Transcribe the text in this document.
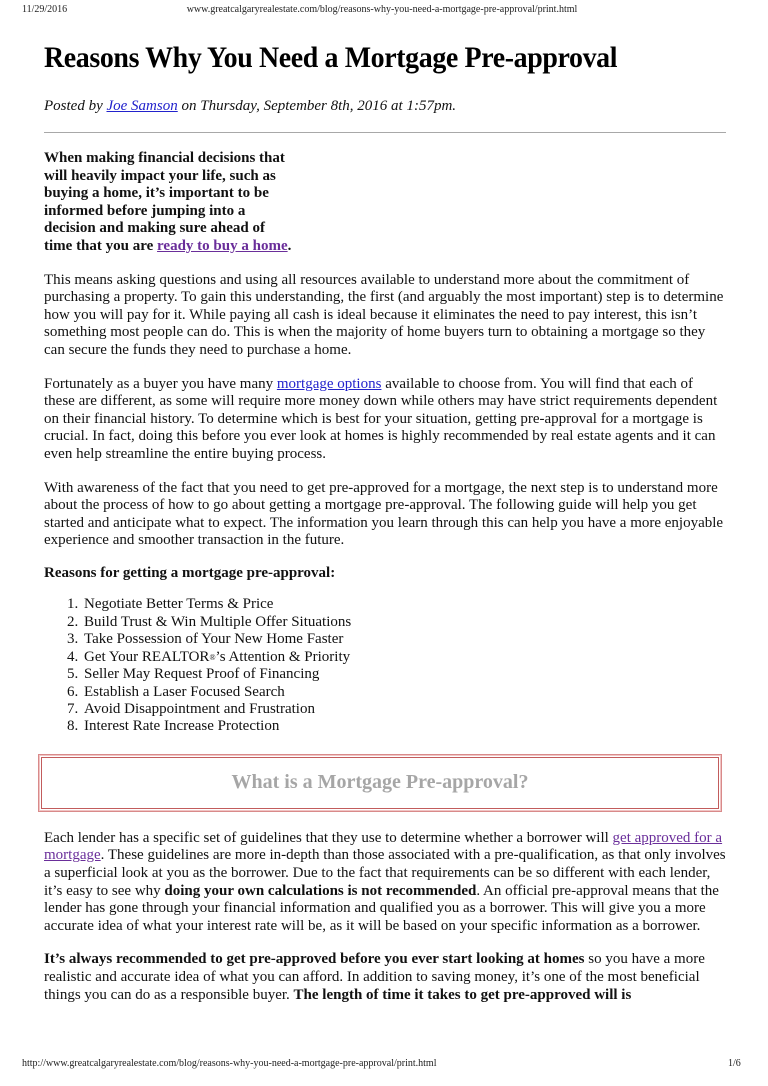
11/29/2016	www.greatcalgaryrealestate.com/blog/reasons-why-you-need-a-mortgage-pre-approval/print.html
Reasons Why You Need a Mortgage Pre-approval
Posted by Joe Samson on Thursday, September 8th, 2016 at 1:57pm.
When making financial decisions that will heavily impact your life, such as buying a home, it’s important to be informed before jumping into a decision and making sure ahead of time that you are ready to buy a home.

This means asking questions and using all resources available to understand more about the commitment of purchasing a property. To gain this understanding, the first (and arguably the most important) step is to determine how you will pay for it. While paying all cash is ideal because it eliminates the need to pay interest, this isn’t something most people can do. This is when the majority of home buyers turn to obtaining a mortgage so they can secure the funds they need to purchase a home.

Fortunately as a buyer you have many mortgage options available to choose from. You will find that each of these are different, as some will require more money down while others may have strict requirements dependent on their financial history. To determine which is best for your situation, getting pre-approval for a mortgage is crucial. In fact, doing this before you ever look at homes is highly recommended by real estate agents and it can even help streamline the entire buying process.

With awareness of the fact that you need to get pre-approved for a mortgage, the next step is to understand more about the process of how to go about getting a mortgage pre-approval. The following guide will help you get started and anticipate what to expect. The information you learn through this can help you have a more enjoyable experience and smoother transaction in the future.

Reasons for getting a mortgage pre-approval:
1. Negotiate Better Terms & Price
2. Build Trust & Win Multiple Offer Situations
3. Take Possession of Your New Home Faster
4. Get Your REALTOR®’s Attention & Priority
5. Seller May Request Proof of Financing
6. Establish a Laser Focused Search
7. Avoid Disappointment and Frustration
8. Interest Rate Increase Protection
What is a Mortgage Pre-approval?

Each lender has a specific set of guidelines that they use to determine whether a borrower will get approved for a mortgage. These guidelines are more in-depth than those associated with a pre-qualification, as that only involves a superficial look at you as the borrower. Due to the fact that requirements can be so different with each lender, it’s easy to see why doing your own calculations is not recommended. An official pre-approval means that the lender has gone through your financial information and qualified you as a borrower. This will give you a more accurate idea of what your interest rate will be, as it will be based on your specific information as a borrower.

It’s always recommended to get pre-approved before you ever start looking at homes so you have a more realistic and accurate idea of what you can afford. In addition to saving money, it’s one of the most beneficial things you can do as a responsible buyer. The length of time it takes to get pre-approved will is

http://www.greatcalgaryrealestate.com/blog/reasons-why-you-need-a-mortgage-pre-approval/print.html	1/6
